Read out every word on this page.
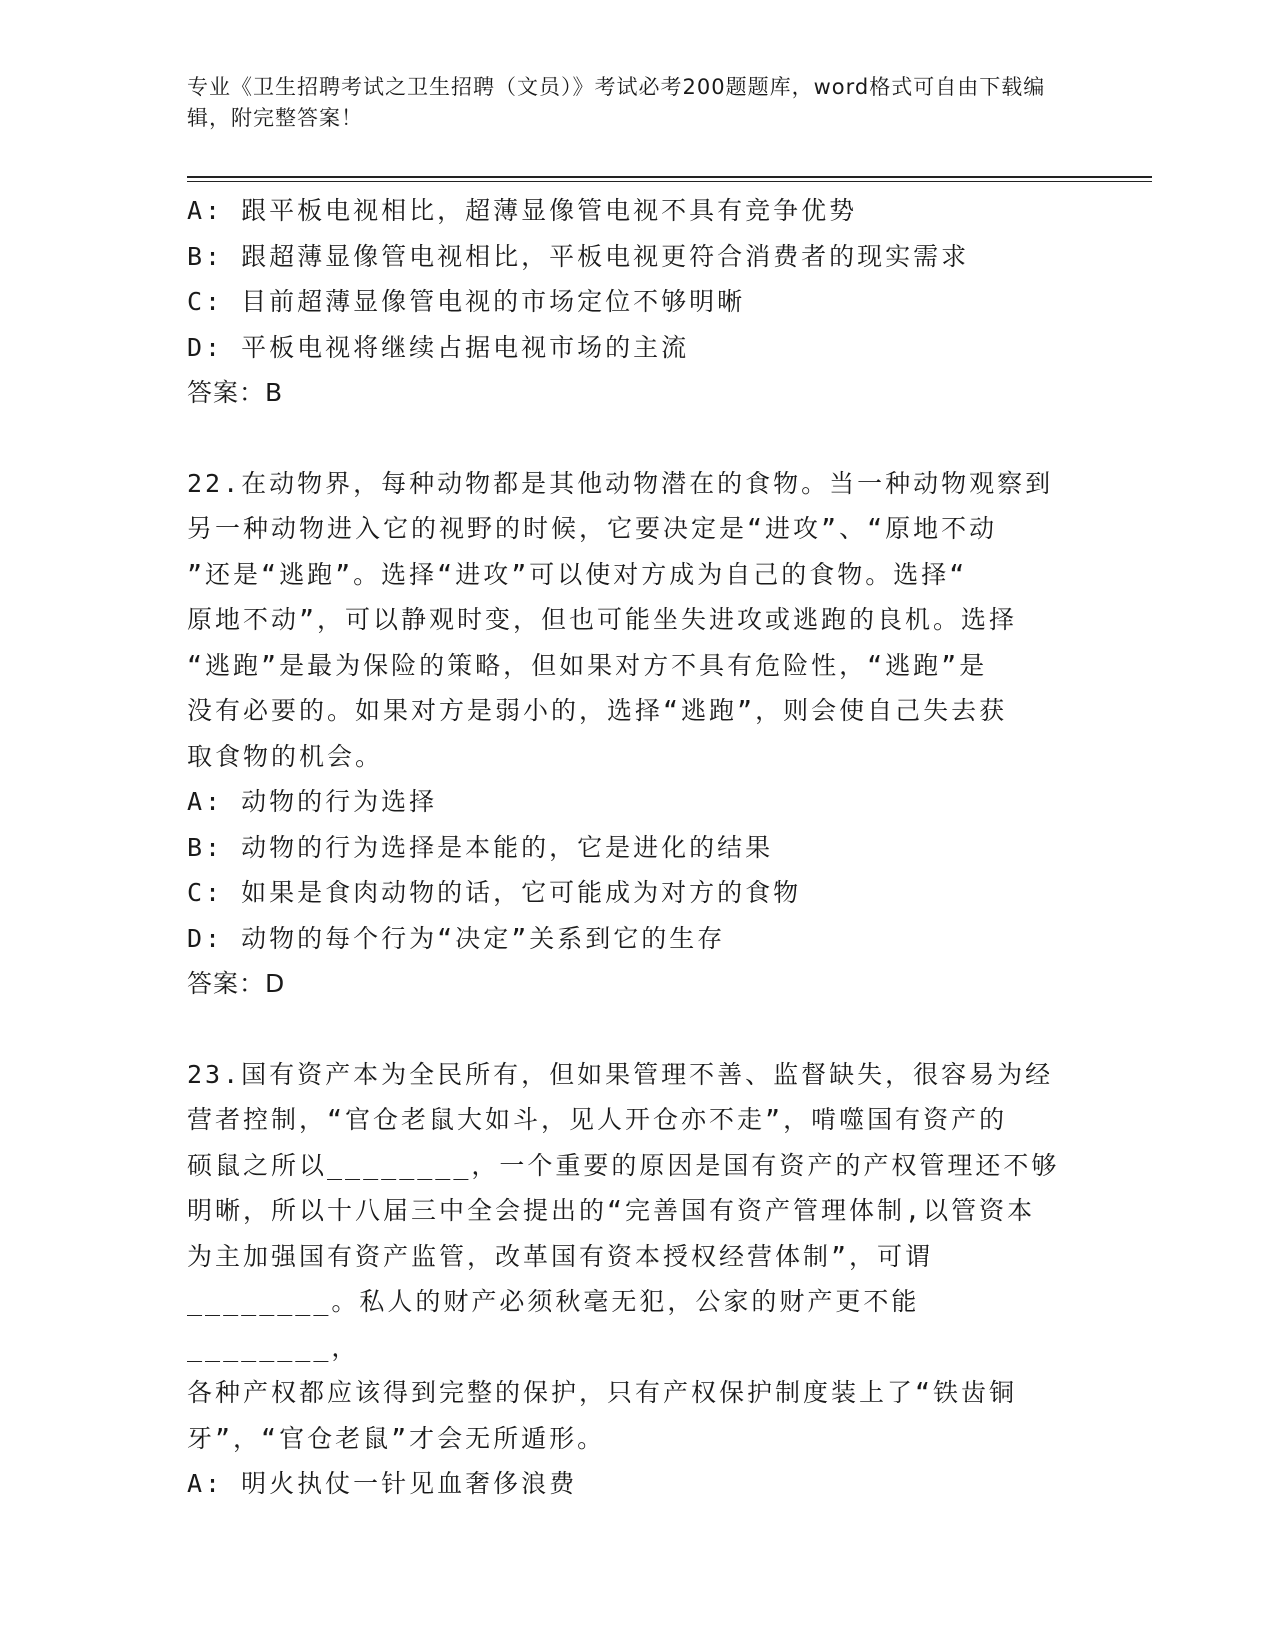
专业《卫生招聘考试之卫生招聘（文员）》考试必考200题题库，word格式可自由下载编辑，附完整答案！

A: 跟平板电视相比，超薄显像管电视不具有竞争优势

B: 跟超薄显像管电视相比，平板电视更符合消费者的现实需求

C: 目前超薄显像管电视的市场定位不够明晰

D: 平板电视将继续占据电视市场的主流

答案：B

22.在动物界，每种动物都是其他动物潜在的食物。当一种动物观察到

另一种动物进入它的视野的时候，它要决定是“进攻”、“原地不动

”还是“逃跑”。选择“进攻”可以使对方成为自己的食物。选择“

原地不动”，可以静观时变，但也可能坐失进攻或逃跑的良机。选择

“逃跑”是最为保险的策略，但如果对方不具有危险性，“逃跑”是

没有必要的。如果对方是弱小的，选择“逃跑”，则会使自己失去获

取食物的机会。

A: 动物的行为选择

B: 动物的行为选择是本能的，它是进化的结果

C: 如果是食肉动物的话，它可能成为对方的食物

D: 动物的每个行为“决定”关系到它的生存

答案：D

23.国有资产本为全民所有，但如果管理不善、监督缺失，很容易为经

营者控制，“官仓老鼠大如斗，见人开仓亦不走”，啃噬国有资产的

硕鼠之所以________，一个重要的原因是国有资产的产权管理还不够

明晰，所以十八届三中全会提出的“完善国有资产管理体制,以管资本

为主加强国有资产监管，改革国有资本授权经营体制”，可谓

________。私人的财产必须秋毫无犯，公家的财产更不能________，

各种产权都应该得到完整的保护，只有产权保护制度装上了“铁齿铜

牙”，“官仓老鼠”才会无所遁形。

A: 明火执仗一针见血奢侈浪费
